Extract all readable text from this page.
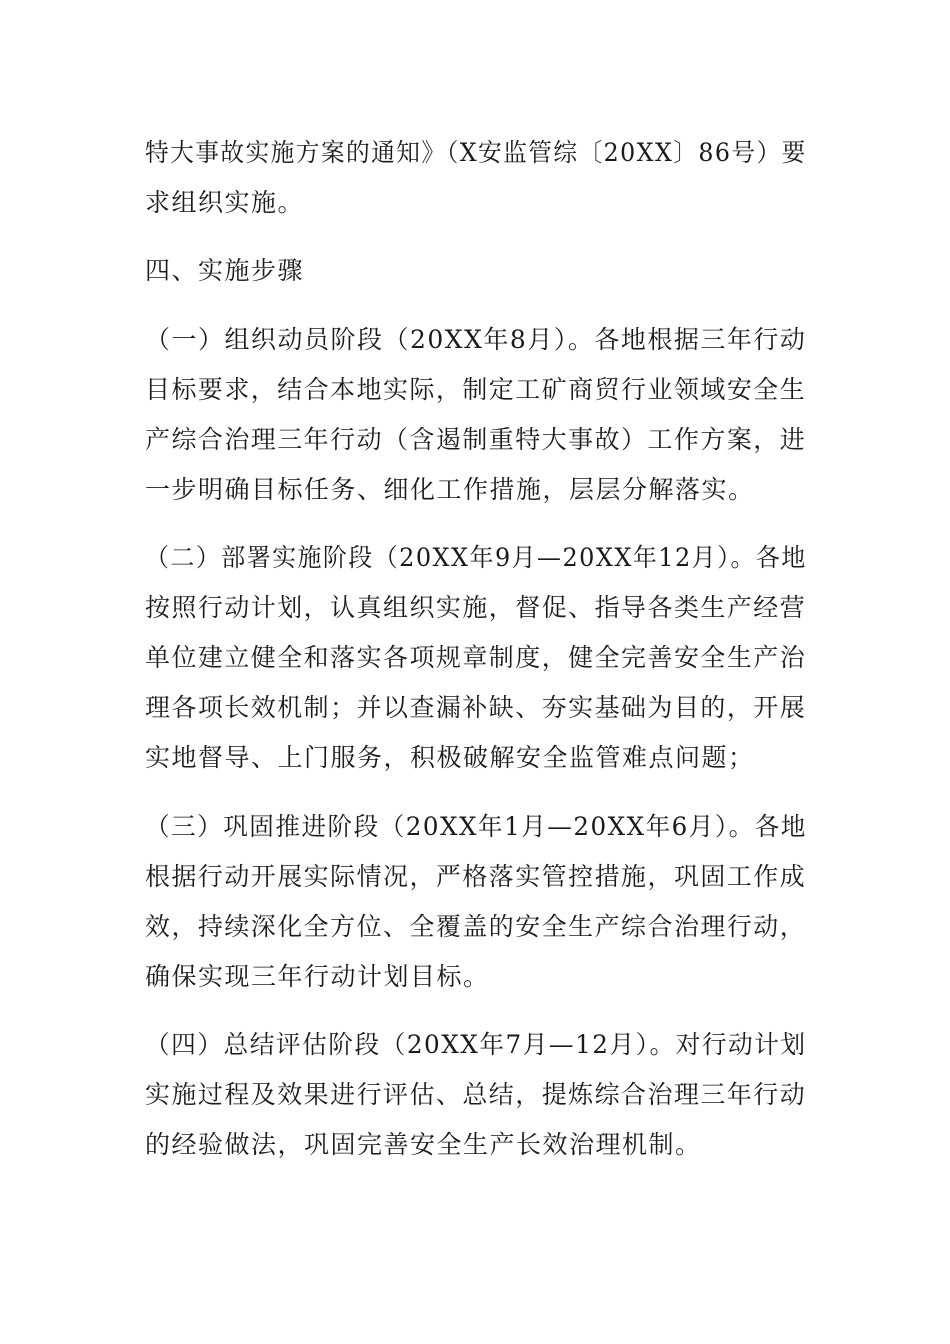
特大事故实施方案的通知》（X安监管综〔20XX〕86号）要
求组织实施。
四、实施步骤
（一）组织动员阶段（20XX年8月）。各地根据三年行动
目标要求，结合本地实际，制定工矿商贸行业领域安全生
产综合治理三年行动（含遏制重特大事故）工作方案，进
一步明确目标任务、细化工作措施，层层分解落实。
（二）部署实施阶段（20XX年9月—20XX年12月）。各地
按照行动计划，认真组织实施，督促、指导各类生产经营
单位建立健全和落实各项规章制度，健全完善安全生产治
理各项长效机制；并以查漏补缺、夯实基础为目的，开展
实地督导、上门服务，积极破解安全监管难点问题；
（三）巩固推进阶段（20XX年1月—20XX年6月）。各地
根据行动开展实际情况，严格落实管控措施，巩固工作成
效，持续深化全方位、全覆盖的安全生产综合治理行动，
确保实现三年行动计划目标。
（四）总结评估阶段（20XX年7月—12月）。对行动计划
实施过程及效果进行评估、总结，提炼综合治理三年行动
的经验做法，巩固完善安全生产长效治理机制。
